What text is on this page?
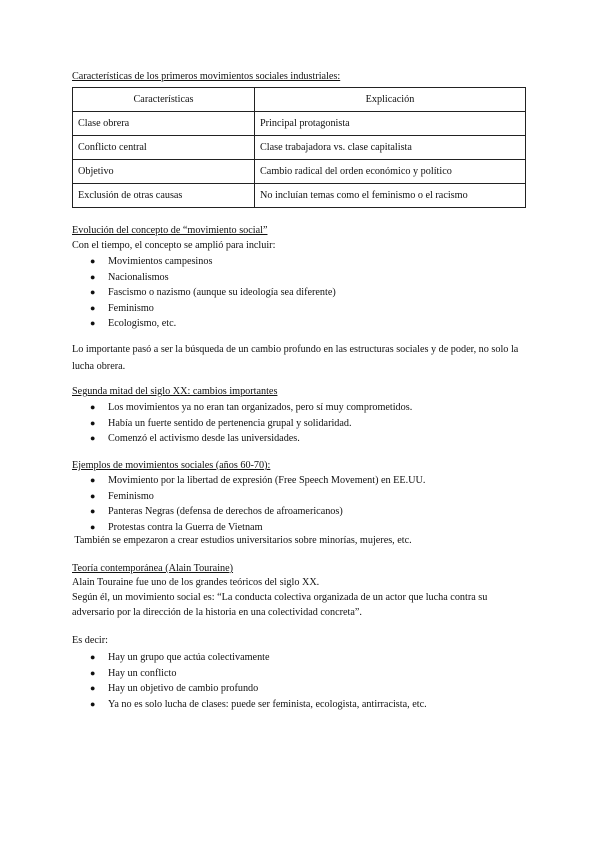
Características de los primeros movimientos sociales industriales:
Características	Explicación
Clase obrera	Principal protagonista
Conflicto central	Clase trabajadora vs. clase capitalista
Objetivo	Cambio radical del orden económico y político
Exclusión de otras causas	No incluían temas como el feminismo o el racismo
Evolución del concepto de “movimiento social”
Con el tiempo, el concepto se amplió para incluir:
● Movimientos campesinos
● Nacionalismos
● Fascismo o nazismo (aunque su ideología sea diferente)
● Feminismo
● Ecologismo, etc.
Lo importante pasó a ser la búsqueda de un cambio profundo en las estructuras sociales y de poder, no solo la lucha obrera.
Segunda mitad del siglo XX: cambios importantes
● Los movimientos ya no eran tan organizados, pero sí muy comprometidos.
● Había un fuerte sentido de pertenencia grupal y solidaridad.
● Comenzó el activismo desde las universidades.
Ejemplos de movimientos sociales (años 60-70):
● Movimiento por la libertad de expresión (Free Speech Movement) en EE.UU.
● Feminismo
● Panteras Negras (defensa de derechos de afroamericanos)
● Protestas contra la Guerra de Vietnam
También se empezaron a crear estudios universitarios sobre minorías, mujeres, etc.
Teoría contemporánea (Alain Touraine)
Alain Touraine fue uno de los grandes teóricos del siglo XX.
Según él, un movimiento social es: “La conducta colectiva organizada de un actor que lucha contra su adversario por la dirección de la historia en una colectividad concreta”.
Es decir:
● Hay un grupo que actúa colectivamente
● Hay un conflicto
● Hay un objetivo de cambio profundo
● Ya no es solo lucha de clases: puede ser feminista, ecologista, antirracista, etc.
